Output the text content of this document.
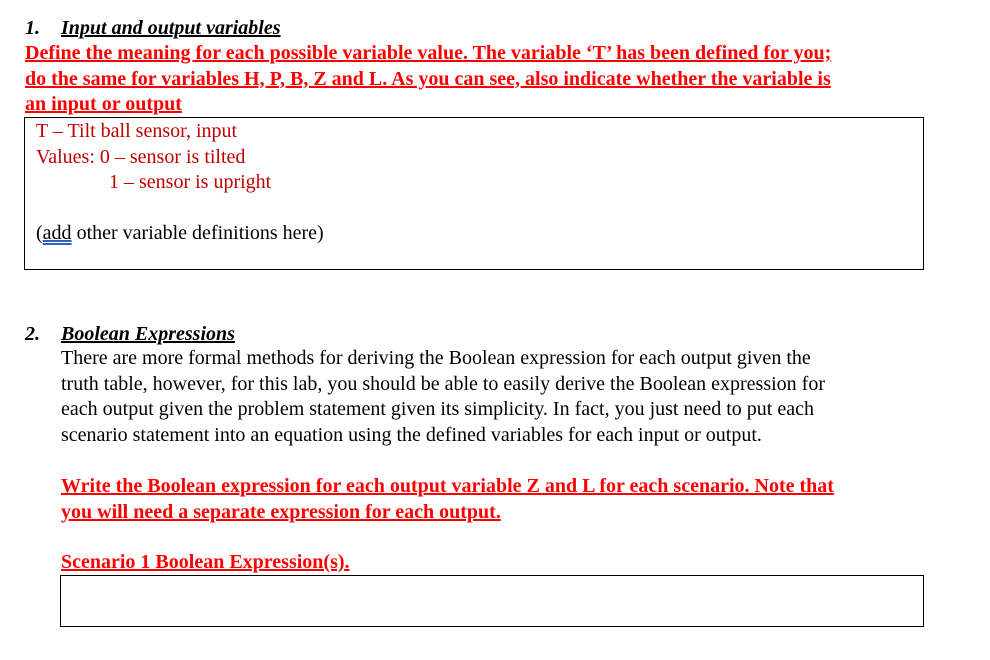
1. Input and output variables
Define the meaning for each possible variable value. The variable ‘T’ has been defined for you;
do the same for variables H, P, B, Z and L. As you can see, also indicate whether the variable is
an input or output
T – Tilt ball sensor, input
Values: 0 – sensor is tilted
1 – sensor is upright
(add other variable definitions here)
2. Boolean Expressions
There are more formal methods for deriving the Boolean expression for each output given the
truth table, however, for this lab, you should be able to easily derive the Boolean expression for
each output given the problem statement given its simplicity. In fact, you just need to put each
scenario statement into an equation using the defined variables for each input or output.
Write the Boolean expression for each output variable Z and L for each scenario. Note that
you will need a separate expression for each output.
Scenario 1 Boolean Expression(s).
